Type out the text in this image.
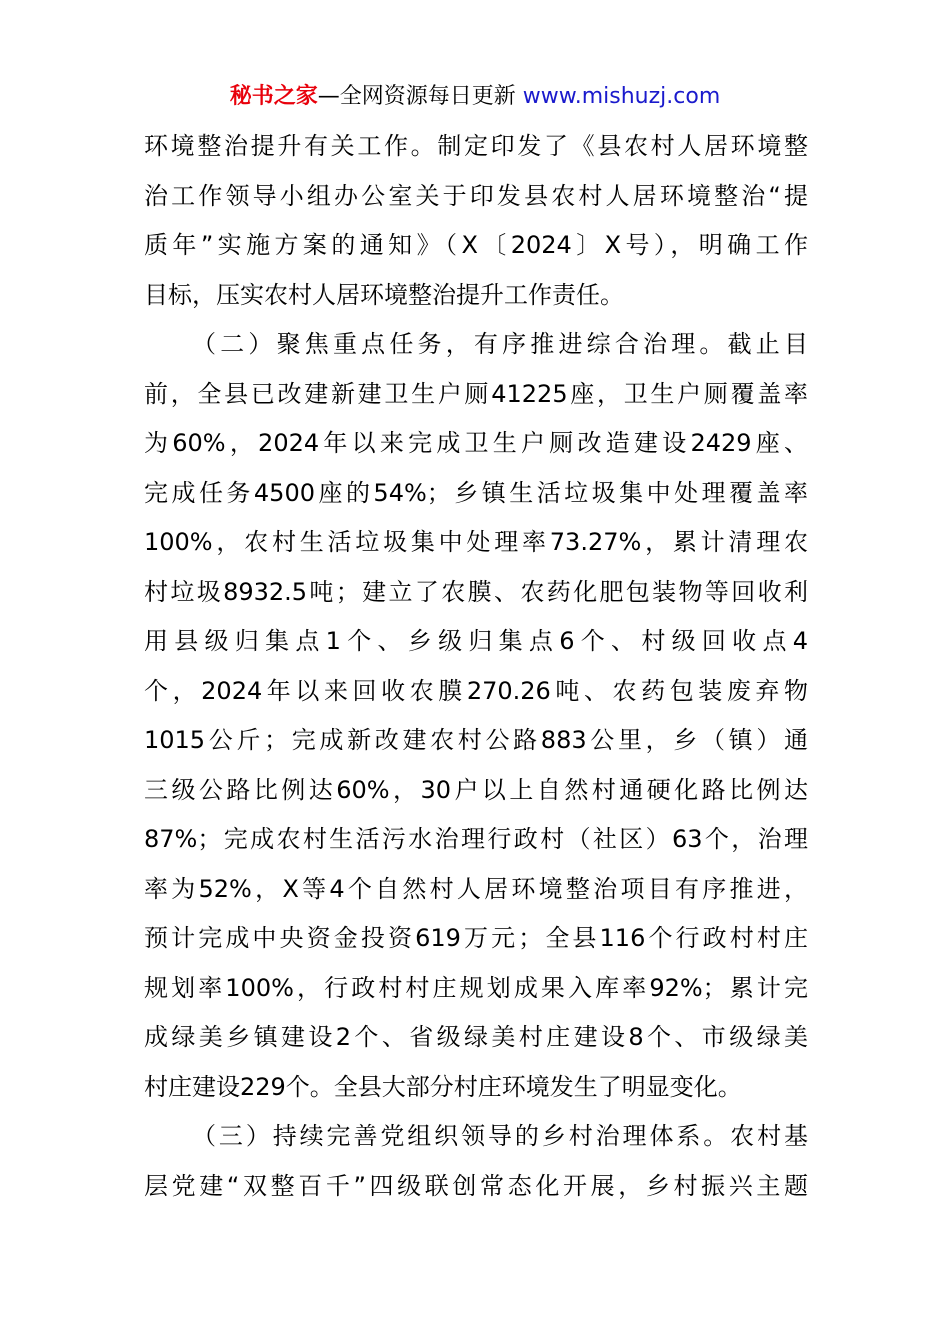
秘书之家—全网资源每日更新 www.mishuzj.com

环境整治提升有关工作。制定印发了《县农村人居环境整
治工作领导小组办公室关于印发县农村人居环境整治“提
质年”实施方案的通知》（X〔2024〕X号），明确工作
目标，压实农村人居环境整治提升工作责任。

（二）聚焦重点任务，有序推进综合治理。截止目
前，全县已改建新建卫生户厕41225座，卫生户厕覆盖率
为60%，2024年以来完成卫生户厕改造建设2429座、
完成任务4500座的54%；乡镇生活垃圾集中处理覆盖率
100%，农村生活垃圾集中处理率73.27%，累计清理农
村垃圾8932.5吨；建立了农膜、农药化肥包装物等回收利
用县级归集点1个、乡级归集点6个、村级回收点4
个，2024年以来回收农膜270.26吨、农药包装废弃物
1015公斤；完成新改建农村公路883公里，乡（镇）通
三级公路比例达60%，30户以上自然村通硬化路比例达
87%；完成农村生活污水治理行政村（社区）63个，治理
率为52%，X等4个自然村人居环境整治项目有序推进，
预计完成中央资金投资619万元；全县116个行政村村庄
规划率100%，行政村村庄规划成果入库率92%；累计完
成绿美乡镇建设2个、省级绿美村庄建设8个、市级绿美
村庄建设229个。全县大部分村庄环境发生了明显变化。

（三）持续完善党组织领导的乡村治理体系。农村基
层党建“双整百千”四级联创常态化开展，乡村振兴主题
